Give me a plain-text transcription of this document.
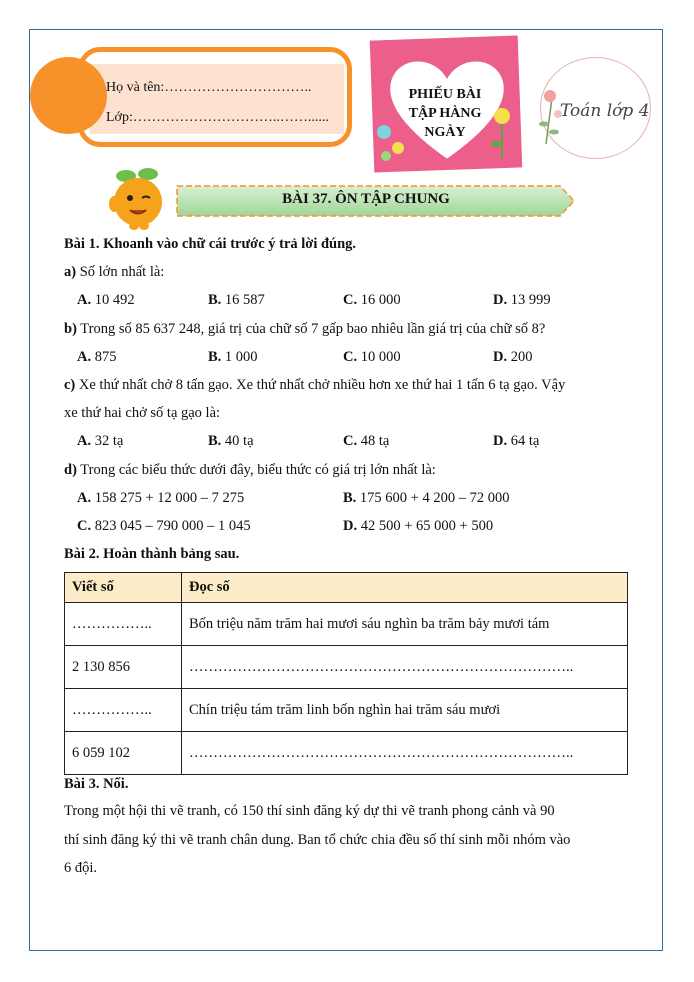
Họ và tên:…………………………..
Lớp:…………………………..……......
PHIẾU BÀI
TẬP HÀNG
NGÀY
Toán lớp 4
BÀI 37. ÔN TẬP CHUNG
Bài 1. Khoanh vào chữ cái trước ý trả lời đúng.
a) Số lớn nhất là:
A. 10 492	B. 16 587	C. 16 000	D. 13 999
b) Trong số 85 637 248, giá trị của chữ số 7 gấp bao nhiêu lần giá trị của chữ số 8?
A. 875	B. 1 000	C. 10 000	D. 200
c) Xe thứ nhất chở 8 tấn gạo. Xe thứ nhất chở nhiều hơn xe thứ hai 1 tấn 6 tạ gạo. Vậy
xe thứ hai chở số tạ gạo là:
A. 32 tạ	B. 40 tạ	C. 48 tạ	D. 64 tạ
d) Trong các biểu thức dưới đây, biểu thức có giá trị lớn nhất là:
A. 158 275 + 12 000 – 7 275	B. 175 600 + 4 200 – 72 000
C. 823 045 – 790 000 – 1 045	D. 42 500 + 65 000 + 500
Bài 2. Hoàn thành bảng sau.
Viết số	Đọc số
……………..	Bốn triệu năm trăm hai mươi sáu nghìn ba trăm bảy mươi tám
2 130 856	……………………………………………………………………..
……………..	Chín triệu tám trăm linh bốn nghìn hai trăm sáu mươi
6 059 102	……………………………………………………………………..
Bài 3. Nối.
Trong một hội thi vẽ tranh, có 150 thí sinh đăng ký dự thi vẽ tranh phong cảnh và 90
thí sinh đăng ký thi vẽ tranh chân dung. Ban tổ chức chia đều số thí sinh mỗi nhóm vào
6 đội.
